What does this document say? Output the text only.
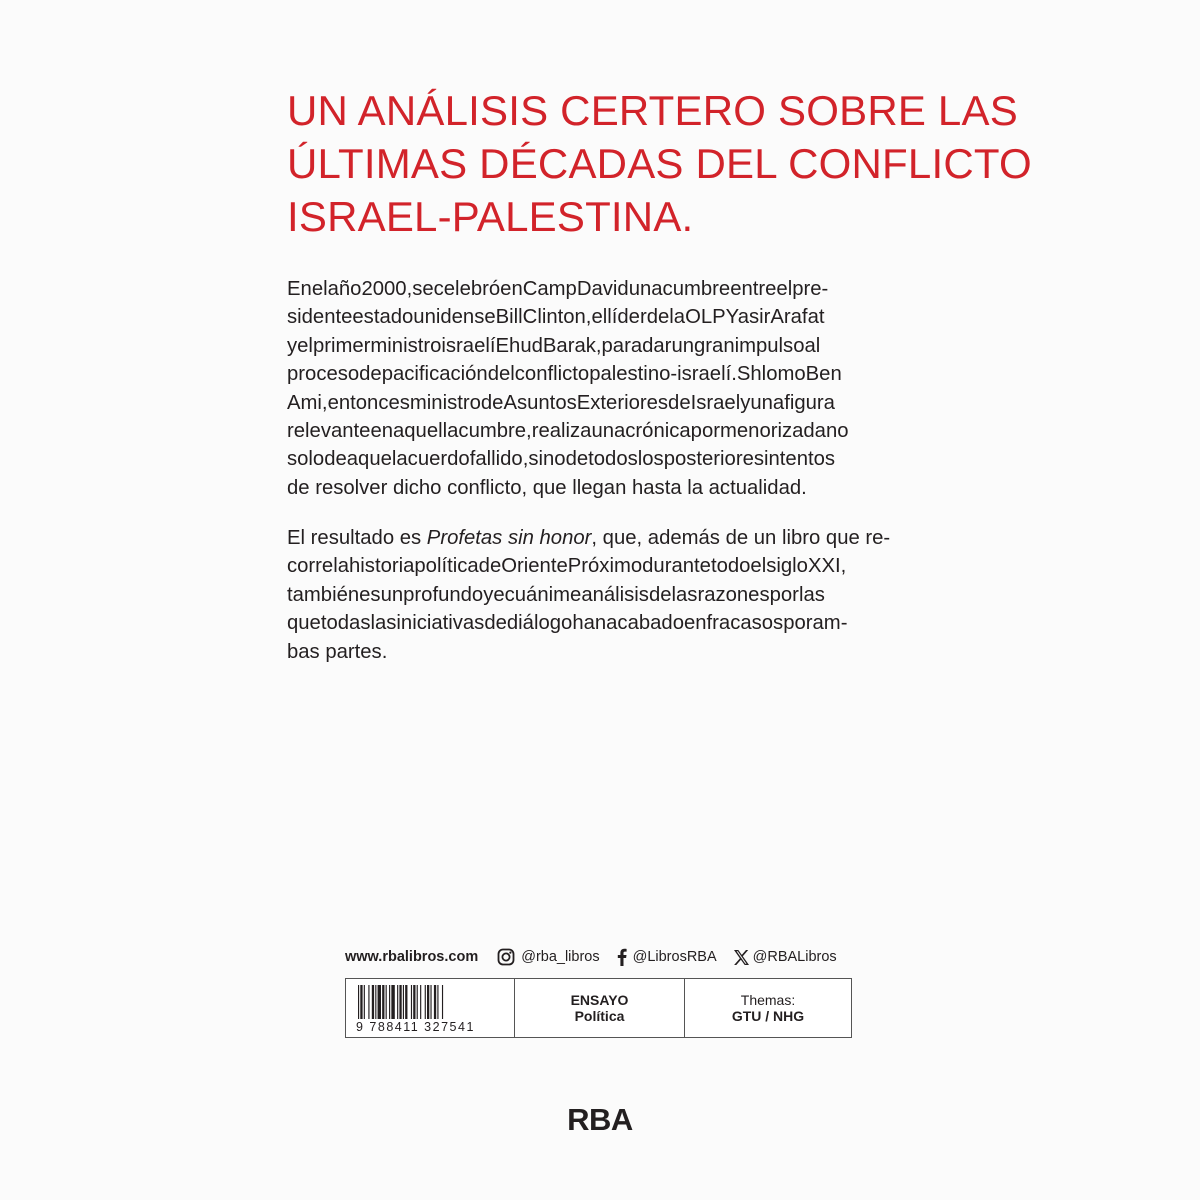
UN ANÁLISIS CERTERO SOBRE LAS
ÚLTIMAS DÉCADAS DEL CONFLICTO
ISRAEL-PALESTINA.
Enelaño2000,secelebróenCampDavidunacumbreentreelpre-
sidenteestadounidenseBillClinton,ellíderdelaOLPYasirArafat
yelprimerministroisraelíEhudBarak,paradarungranimpulsoal
procesodepacificacióndelconflictopalestino-israelí.ShlomoBen
Ami,entoncesministrodeAsuntosExterioresdeIsraelyunafigura
relevanteenaquellacumbre,realizaunacrónicapormenorizadano
solodeaquelacuerdofallido,sinodetodoslosposterioresintentos
de resolver dicho conflicto, que llegan hasta la actualidad.
El resultado es Profetas sin honor , que, además de un libro que re-
correlahistoriapolíticadeOrientePróximodurantetodoelsigloXXI,
tambiénesunprofundoyecuánimeanálisisdelasrazonesporlas
quetodaslasiniciativasdediálogohanacabadoenfracasosporam-
bas partes.
www.rbalibros.com	@rba_libros @LibrosRBA @RBALibros
9 788411 327541
ENSAYO
Política
Themas:
GTU / NHG
RBA
